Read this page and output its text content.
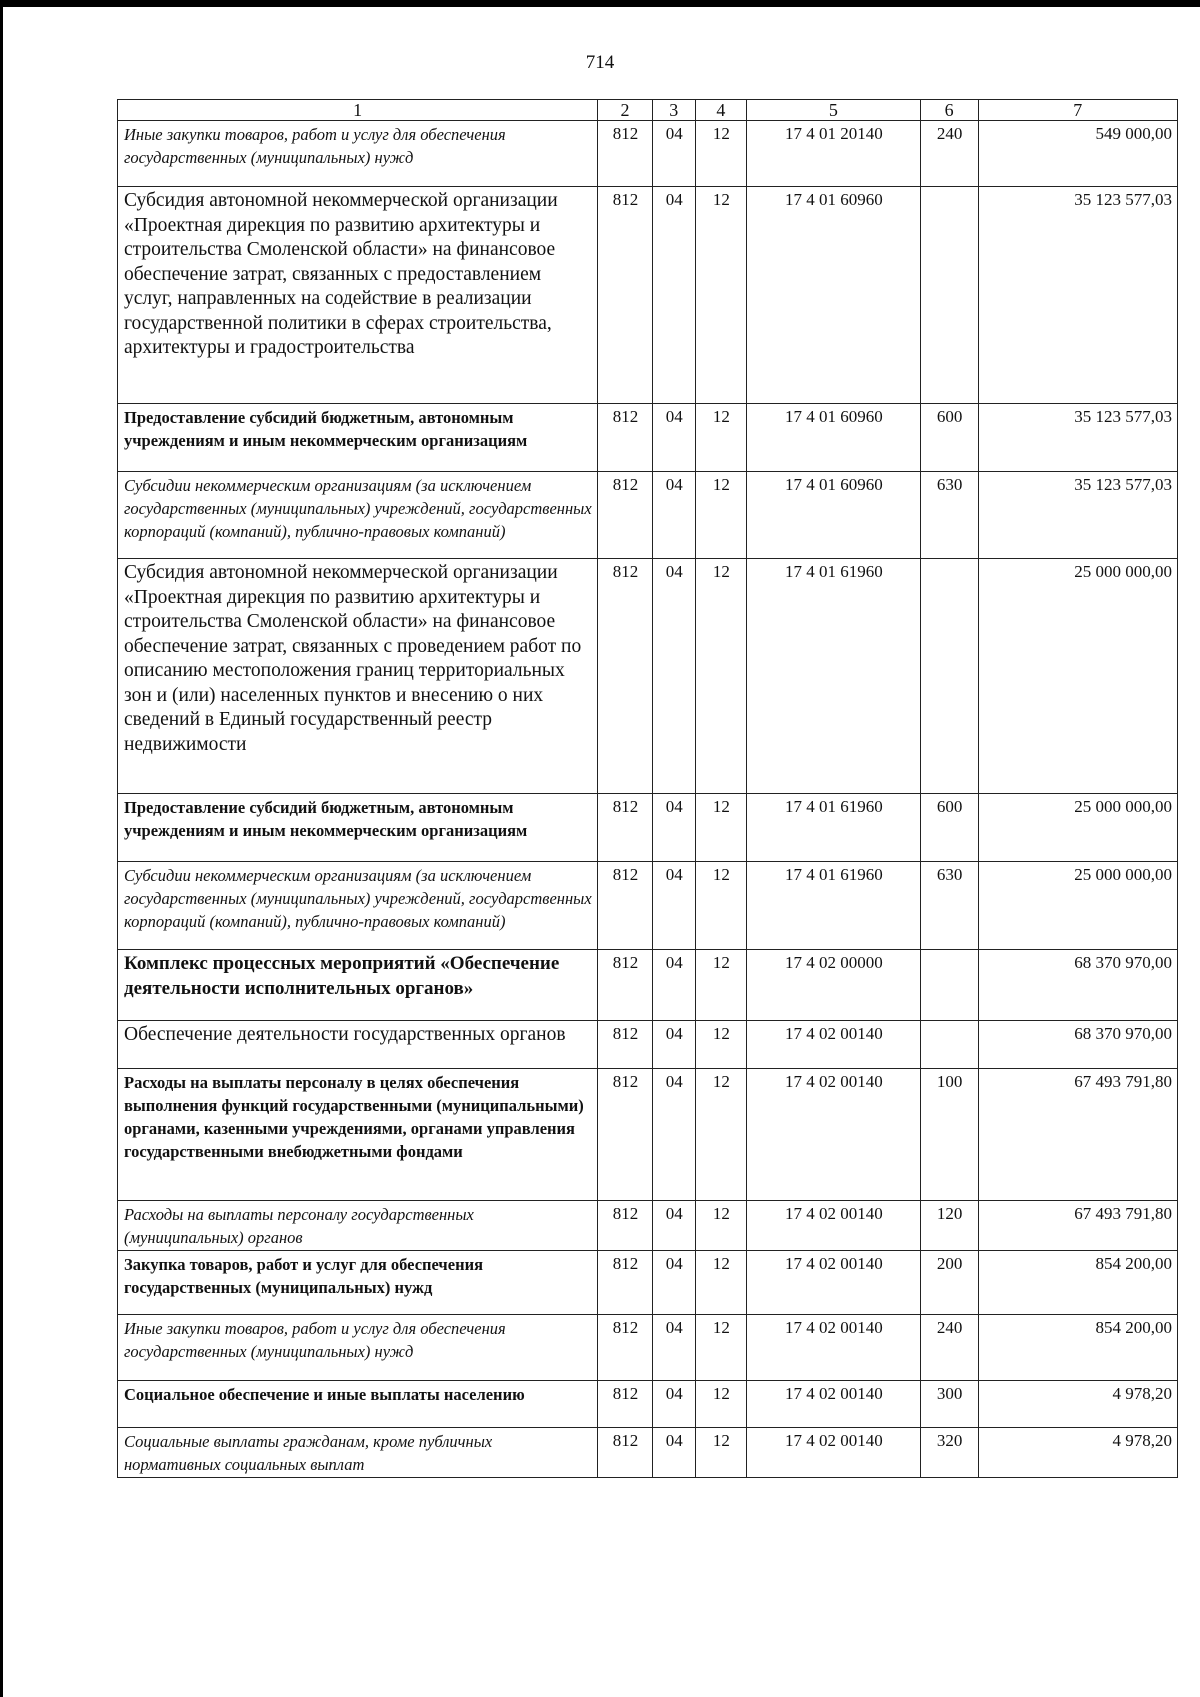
714
1	2	3	4	5	6	7
Иные закупки товаров, работ и услуг для обеспечения государственных (муниципальных) нужд	812	04	12	17 4 01 20140	240	549 000,00
Субсидия автономной некоммерческой организации «Проектная дирекция по развитию архитектуры и строительства Смоленской области» на финансовое обеспечение затрат, связанных с предоставлением услуг, направленных на содействие в реализации государственной политики в сферах строительства, архитектуры и градостроительства	812	04	12	17 4 01 60960		35 123 577,03
Предоставление субсидий бюджетным, автономным учреждениям и иным некоммерческим организациям	812	04	12	17 4 01 60960	600	35 123 577,03
Субсидии некоммерческим организациям (за исключением государственных (муниципальных) учреждений, государственных корпораций (компаний), публично-правовых компаний)	812	04	12	17 4 01 60960	630	35 123 577,03
Субсидия автономной некоммерческой организации «Проектная дирекция по развитию архитектуры и строительства Смоленской области» на финансовое обеспечение затрат, связанных с проведением работ по описанию местоположения границ территориальных зон и (или) населенных пунктов и внесению о них сведений в Единый государственный реестр недвижимости	812	04	12	17 4 01 61960		25 000 000,00
Предоставление субсидий бюджетным, автономным учреждениям и иным некоммерческим организациям	812	04	12	17 4 01 61960	600	25 000 000,00
Субсидии некоммерческим организациям (за исключением государственных (муниципальных) учреждений, государственных корпораций (компаний), публично-правовых компаний)	812	04	12	17 4 01 61960	630	25 000 000,00
Комплекс процессных мероприятий «Обеспечение деятельности исполнительных органов»	812	04	12	17 4 02 00000		68 370 970,00
Обеспечение деятельности государственных органов	812	04	12	17 4 02 00140		68 370 970,00
Расходы на выплаты персоналу в целях обеспечения выполнения функций государственными (муниципальными) органами, казенными учреждениями, органами управления государственными внебюджетными фондами	812	04	12	17 4 02 00140	100	67 493 791,80
Расходы на выплаты персоналу государственных (муниципальных) органов	812	04	12	17 4 02 00140	120	67 493 791,80
Закупка товаров, работ и услуг для обеспечения государственных (муниципальных) нужд	812	04	12	17 4 02 00140	200	854 200,00
Иные закупки товаров, работ и услуг для обеспечения государственных (муниципальных) нужд	812	04	12	17 4 02 00140	240	854 200,00
Социальное обеспечение и иные выплаты населению	812	04	12	17 4 02 00140	300	4 978,20
Социальные выплаты гражданам, кроме публичных нормативных социальных выплат	812	04	12	17 4 02 00140	320	4 978,20
